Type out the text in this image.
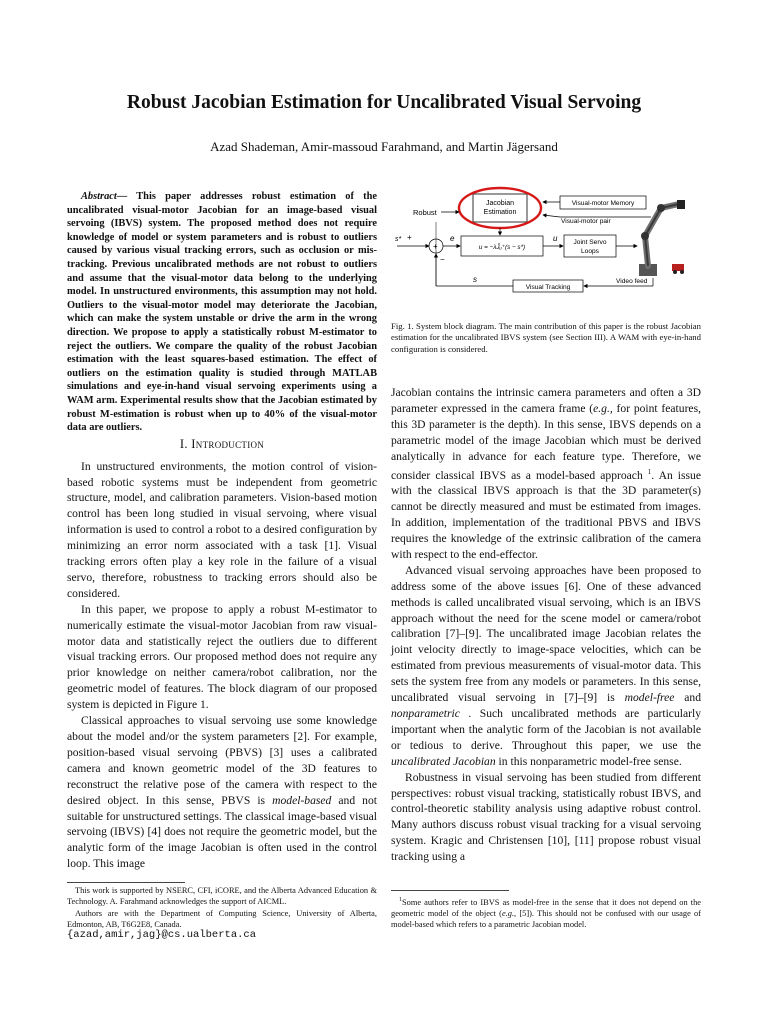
Robust Jacobian Estimation for Uncalibrated Visual Servoing
Azad Shademan, Amir-massoud Farahmand, and Martin Jägersand

Abstract— This paper addresses robust estimation of the uncalibrated visual-motor Jacobian for an image-based visual servoing (IBVS) system. The proposed method does not require knowledge of model or system parameters and is robust to outliers caused by various visual tracking errors, such as occlusion or mis-tracking. Previous uncalibrated methods are not robust to outliers and assume that the visual-motor data belong to the underlying model. In unstructured environments, this assumption may not hold. Outliers to the visual-motor model may deteriorate the Jacobian, which can make the system unstable or drive the arm in the wrong direction. We propose to apply a statistically robust M-estimator to reject the outliers. We compare the quality of the robust Jacobian estimation with the least squares-based estimation. The effect of outliers on the estimation quality is studied through MATLAB simulations and eye-in-hand visual servoing experiments using a WAM arm. Experimental results show that the Jacobian estimated by robust M-estimation is robust when up to 40% of the visual-motor data are outliers.

I. Introduction

In unstructured environments, the motion control of vision-based robotic systems must be independent from geometric structure, model, and calibration parameters. Vision-based motion control has been long studied in visual servoing, where visual information is used to control a robot to a desired configuration by minimizing an error norm associated with a task [1]. Visual tracking errors often play a key role in the failure of a visual servo, therefore, robustness to tracking errors should also be considered.

In this paper, we propose to apply a robust M-estimator to numerically estimate the visual-motor Jacobian from raw visual-motor data and statistically reject the outliers due to different visual tracking errors. Our proposed method does not require any prior knowledge on neither camera/robot calibration, nor the geometric model of features. The block diagram of our proposed system is depicted in Figure 1.

Classical approaches to visual servoing use some knowledge about the model and/or the system parameters [2]. For example, position-based visual servoing (PBVS) [3] uses a calibrated camera and known geometric model of the 3D features to reconstruct the relative pose of the camera with respect to the desired object. In this sense, PBVS is model-based and not suitable for unstructured settings. The classical image-based visual servoing (IBVS) [4] does not require the geometric model, but the analytic form of the image Jacobian is often used in the control loop. This image

This work is supported by NSERC, CFI, iCORE, and the Alberta Advanced Education & Technology. A. Farahmand acknowledges the support of AICML.

Authors are with the Department of Computing Science, University of Alberta, Edmonton, AB, T6G2E8, Canada.

{azad,amir,jag}@cs.ualberta.ca
Jacobian
Estimation
Robust
Visual-motor Memory
Visual-motor pair
s* +
+
−
e
u = −λĴᵤ⁺(s − s*)
u Joint Servo
Loops
Video feed
Visual Tracking
s
Fig. 1. System block diagram. The main contribution of this paper is the robust Jacobian estimation for the uncalibrated IBVS system (see Section III). A WAM with eye-in-hand configuration is considered.

Jacobian contains the intrinsic camera parameters and often a 3D parameter expressed in the camera frame (e.g., for point features, this 3D parameter is the depth). In this sense, IBVS depends on a parametric model of the image Jacobian which must be derived analytically in advance for each feature type. Therefore, we consider classical IBVS as a model-based approach $^1$. An issue with the classical IBVS approach is that the 3D parameter(s) cannot be directly measured and must be estimated from images. In addition, implementation of the traditional PBVS and IBVS requires the knowledge of the extrinsic calibration of the camera with respect to the end-effector.

Advanced visual servoing approaches have been proposed to address some of the above issues [6]. One of these advanced methods is called uncalibrated visual servoing, which is an IBVS approach without the need for the scene model or camera/robot calibration [7]–[9]. The uncalibrated image Jacobian relates the joint velocity directly to image-space velocities, which can be estimated from previous measurements of visual-motor data. This sets the system free from any models or parameters. In this sense, uncalibrated visual servoing in [7]–[9] is model-free and nonparametric . Such uncalibrated methods are particularly important when the analytic form of the Jacobian is not available or tedious to derive. Throughout this paper, we use the uncalibrated Jacobian in this nonparametric model-free sense.

Robustness in visual servoing has been studied from different perspectives: robust visual tracking, statistically robust IBVS, and control-theoretic stability analysis using adaptive robust control. Many authors discuss robust visual tracking for a visual servoing system. Kragic and Christensen [10], [11] propose robust visual tracking using a

$^1$Some authors refer to IBVS as model-free in the sense that it does not depend on the geometric model of the object (e.g., [5]). This should not be confused with our usage of model-based which refers to a parametric Jacobian model.
